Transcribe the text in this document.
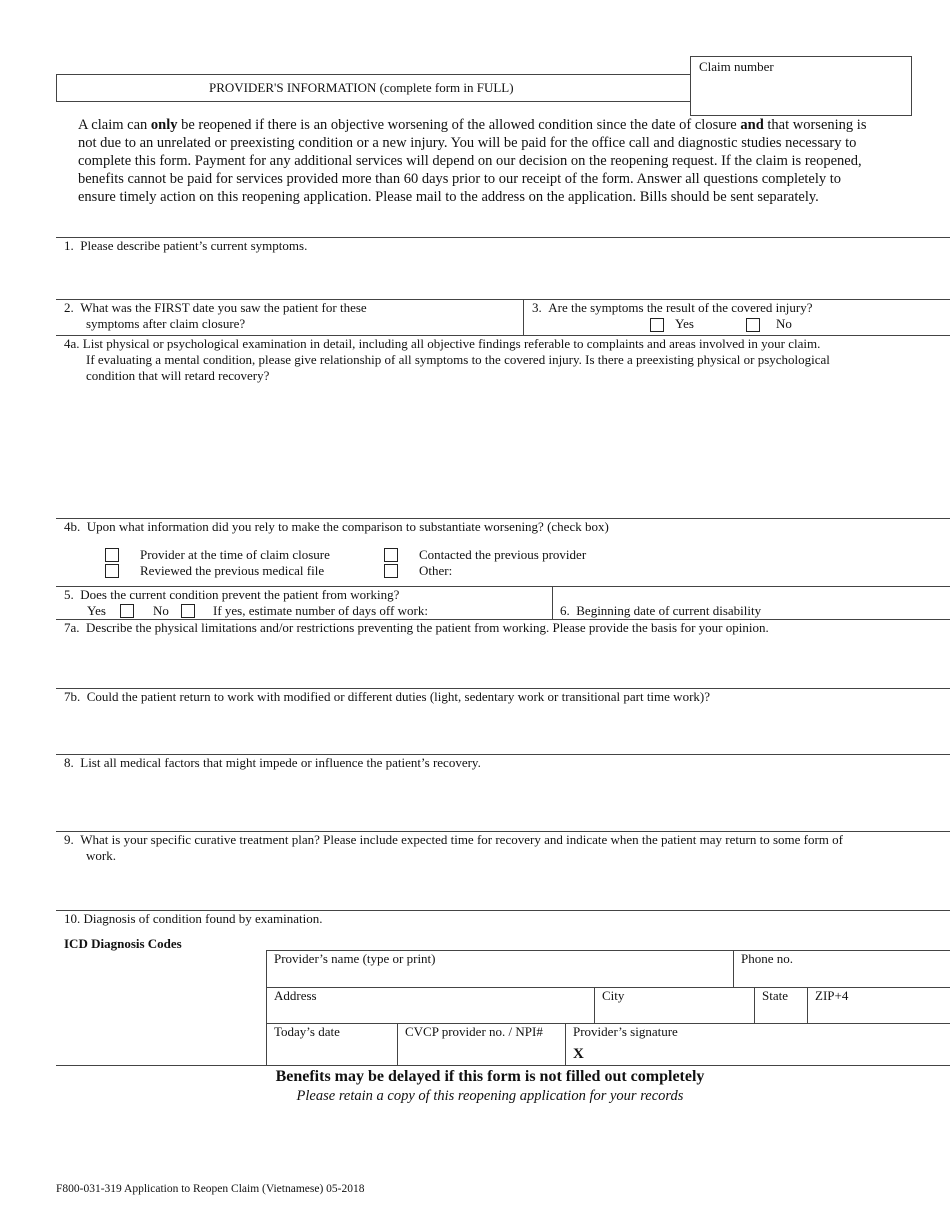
Claim number
PROVIDER'S INFORMATION (complete form in FULL)
A claim can only be reopened if there is an objective worsening of the allowed condition since the date of closure and that worsening is not due to an unrelated or preexisting condition or a new injury. You will be paid for the office call and diagnostic studies necessary to complete this form. Payment for any additional services will depend on our decision on the reopening request. If the claim is reopened, benefits cannot be paid for services provided more than 60 days prior to our receipt of the form. Answer all questions completely to ensure timely action on this reopening application. Please mail to the address on the application. Bills should be sent separately.
1. Please describe patient’s current symptoms.
2. What was the FIRST date you saw the patient for these
symptoms after claim closure?
3. Are the symptoms the result of the covered injury?
Yes	No
4a. List physical or psychological examination in detail, including all objective findings referable to complaints and areas involved in your claim.
If evaluating a mental condition, please give relationship of all symptoms to the covered injury. Is there a preexisting physical or psychological
condition that will retard recovery?
4b. Upon what information did you rely to make the comparison to substantiate worsening? (check box)
Provider at the time of claim closure
Reviewed the previous medical file
Contacted the previous provider
Other:
5. Does the current condition prevent the patient from working?
Yes	No	If yes, estimate number of days off work:	6. Beginning date of current disability
7a. Describe the physical limitations and/or restrictions preventing the patient from working. Please provide the basis for your opinion.
7b. Could the patient return to work with modified or different duties (light, sedentary work or transitional part time work)?
8. List all medical factors that might impede or influence the patient’s recovery.
9. What is your specific curative treatment plan? Please include expected time for recovery and indicate when the patient may return to some form of
work.
10. Diagnosis of condition found by examination.
ICD Diagnosis Codes
Provider’s name (type or print)	Phone no.
Address	City	State ZIP+4
Today’s date	CVCP provider no. / NPI# Provider’s signature
X
Benefits may be delayed if this form is not filled out completely
Please retain a copy of this reopening application for your records
F800-031-319 Application to Reopen Claim (Vietnamese) 05-2018
